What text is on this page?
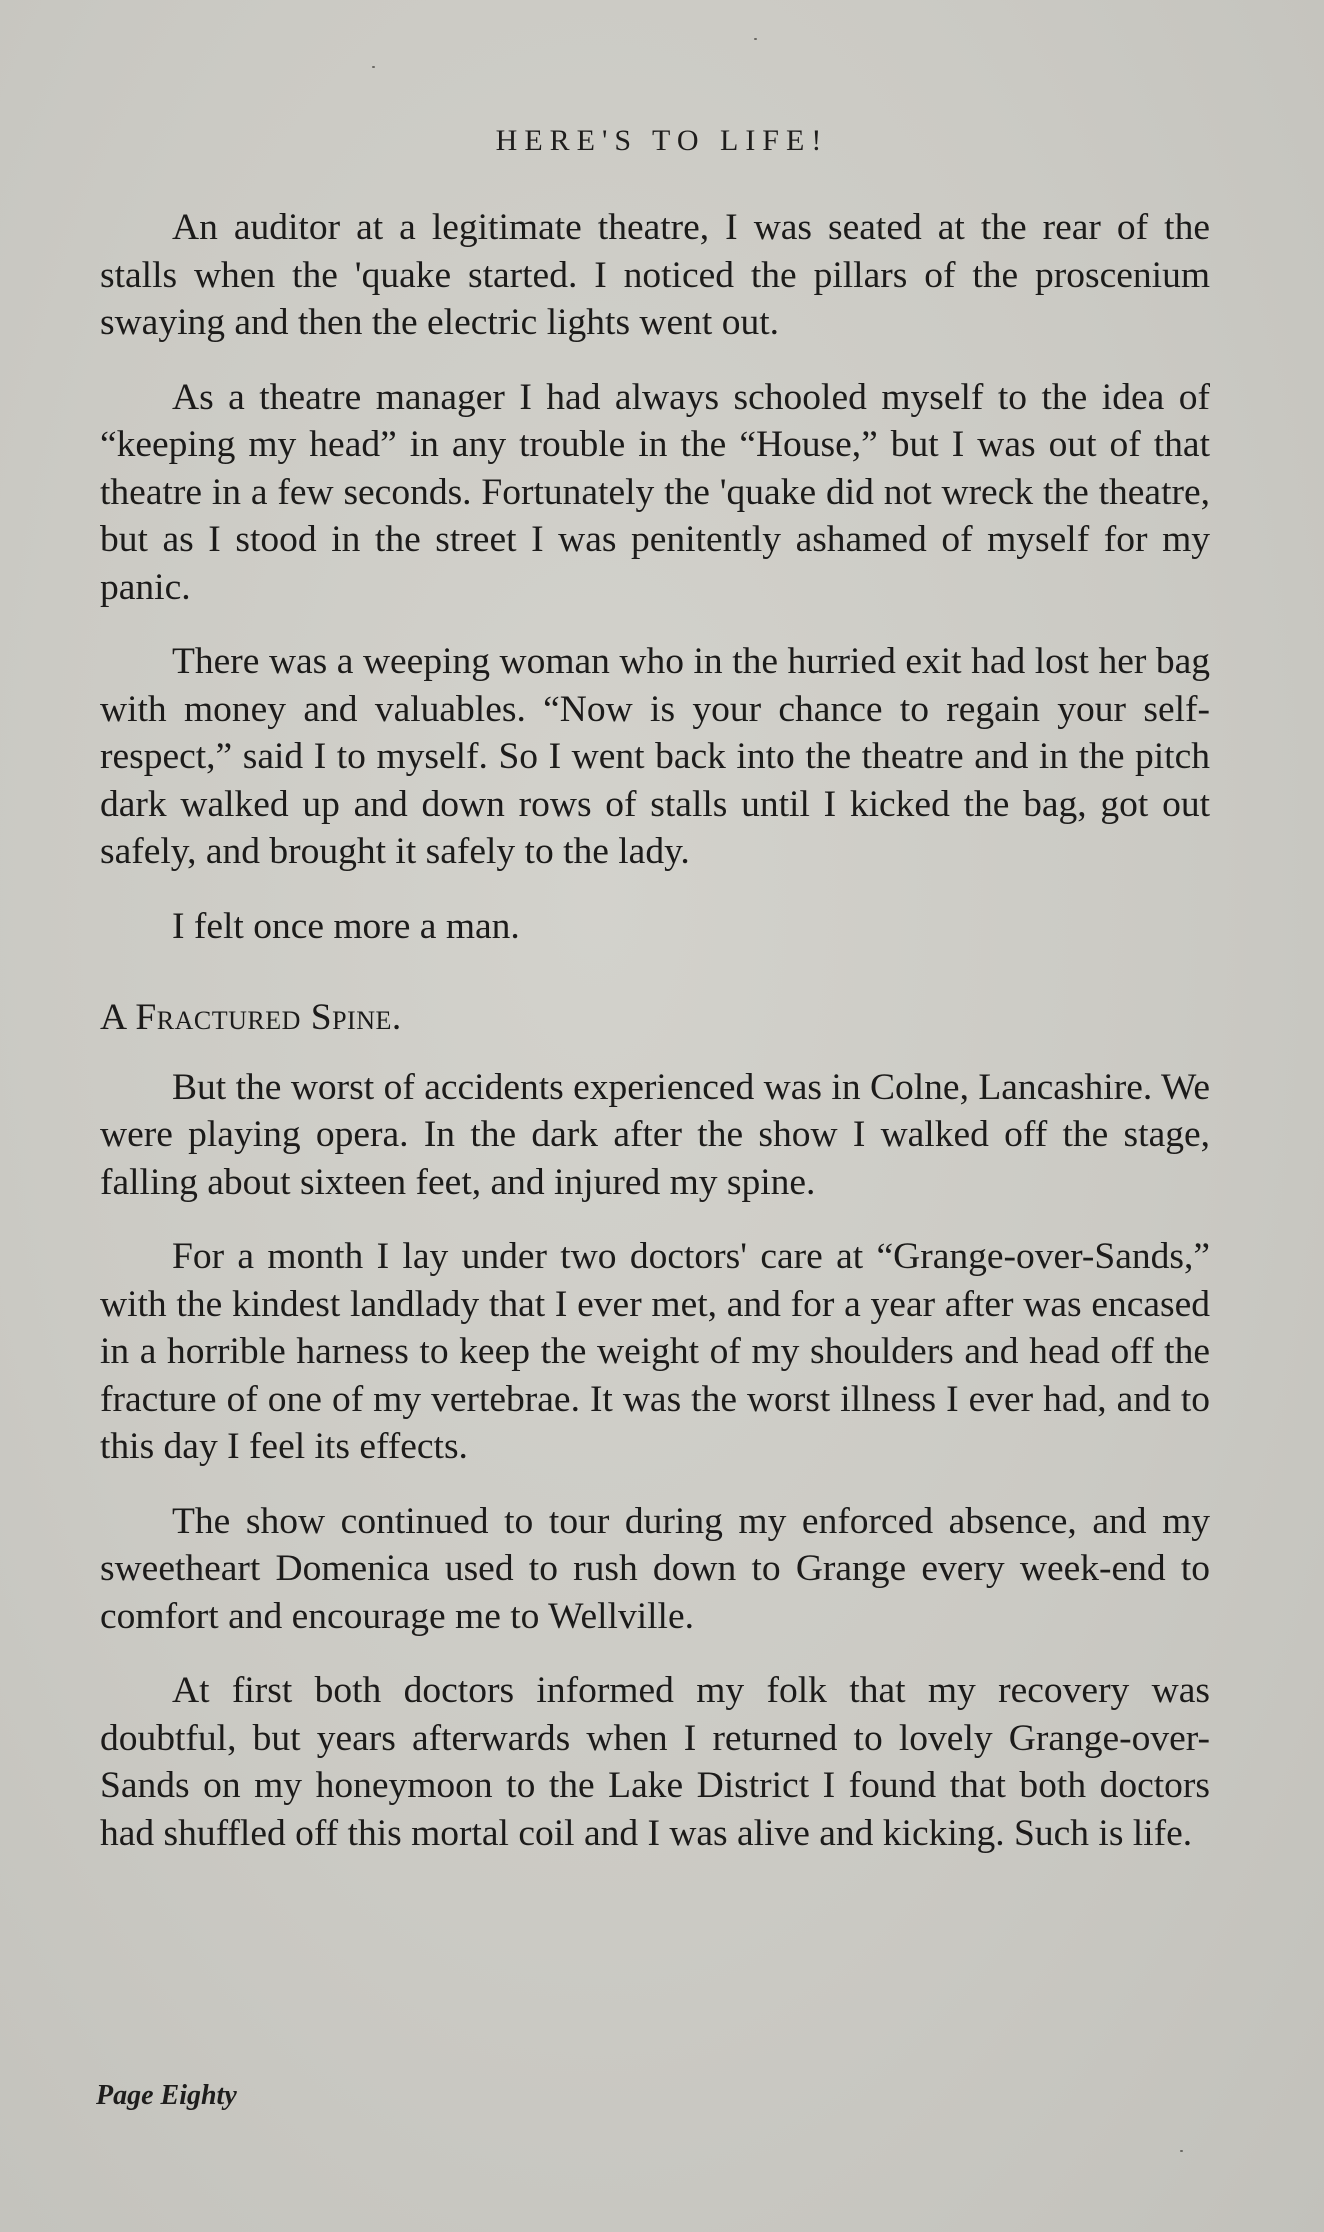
HERE'S TO LIFE!

An auditor at a legitimate theatre, I was seated at the rear of the stalls when the 'quake started. I noticed the pillars of the proscenium swaying and then the electric lights went out.

As a theatre manager I had always schooled myself to the idea of “keeping my head” in any trouble in the “House,” but I was out of that theatre in a few seconds. Fortunately the 'quake did not wreck the theatre, but as I stood in the street I was penitently ashamed of myself for my panic.

There was a weeping woman who in the hurried exit had lost her bag with money and valuables. “Now is your chance to regain your self-respect,” said I to myself. So I went back into the theatre and in the pitch dark walked up and down rows of stalls until I kicked the bag, got out safely, and brought it safely to the lady.

I felt once more a man.

A Fractured Spine.

But the worst of accidents experienced was in Colne, Lancashire. We were playing opera. In the dark after the show I walked off the stage, falling about sixteen feet, and injured my spine.

For a month I lay under two doctors' care at “Grange-over-Sands,” with the kindest landlady that I ever met, and for a year after was encased in a horrible harness to keep the weight of my shoulders and head off the fracture of one of my vertebrae. It was the worst illness I ever had, and to this day I feel its effects.

The show continued to tour during my enforced absence, and my sweetheart Domenica used to rush down to Grange every week-end to comfort and encourage me to Wellville.

At first both doctors informed my folk that my recovery was doubtful, but years afterwards when I returned to lovely Grange-over-Sands on my honeymoon to the Lake District I found that both doctors had shuffled off this mortal coil and I was alive and kicking. Such is life.

Page Eighty
